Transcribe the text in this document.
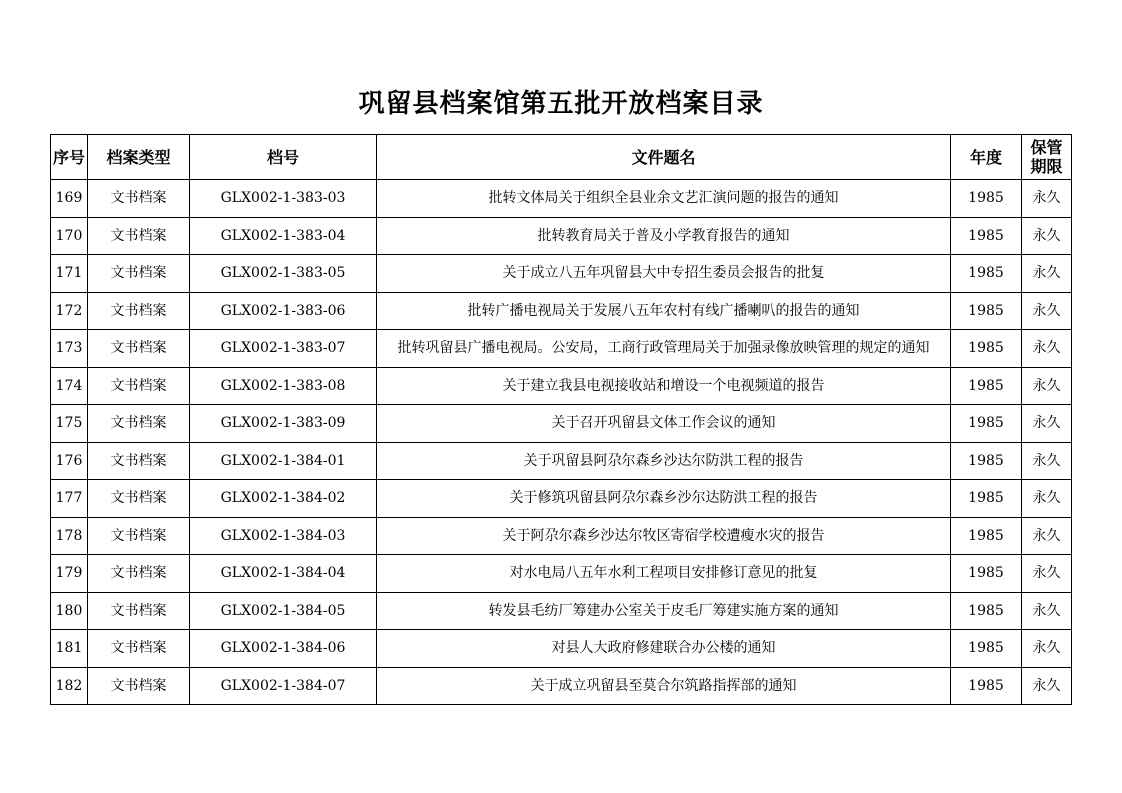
巩留县档案馆第五批开放档案目录
序号	档案类型	档号	文件题名	年度	保管期限
169	文书档案	GLX002-1-383-03	批转文体局关于组织全县业余文艺汇演问题的报告的通知	1985	永久
170	文书档案	GLX002-1-383-04	批转教育局关于普及小学教育报告的通知	1985	永久
171	文书档案	GLX002-1-383-05	关于成立八五年巩留县大中专招生委员会报告的批复	1985	永久
172	文书档案	GLX002-1-383-06	批转广播电视局关于发展八五年农村有线广播喇叭的报告的通知	1985	永久
173	文书档案	GLX002-1-383-07	批转巩留县广播电视局。公安局，工商行政管理局关于加强录像放映管理的规定的通知	1985	永久
174	文书档案	GLX002-1-383-08	关于建立我县电视接收站和增设一个电视频道的报告	1985	永久
175	文书档案	GLX002-1-383-09	关于召开巩留县文体工作会议的通知	1985	永久
176	文书档案	GLX002-1-384-01	关于巩留县阿尕尔森乡沙达尔防洪工程的报告	1985	永久
177	文书档案	GLX002-1-384-02	关于修筑巩留县阿尕尔森乡沙尔达防洪工程的报告	1985	永久
178	文书档案	GLX002-1-384-03	关于阿尕尔森乡沙达尔牧区寄宿学校遭瘦水灾的报告	1985	永久
179	文书档案	GLX002-1-384-04	对水电局八五年水利工程项目安排修订意见的批复	1985	永久
180	文书档案	GLX002-1-384-05	转发县毛纺厂筹建办公室关于皮毛厂筹建实施方案的通知	1985	永久
181	文书档案	GLX002-1-384-06	对县人大政府修建联合办公楼的通知	1985	永久
182	文书档案	GLX002-1-384-07	关于成立巩留县至莫合尔筑路指挥部的通知	1985	永久
